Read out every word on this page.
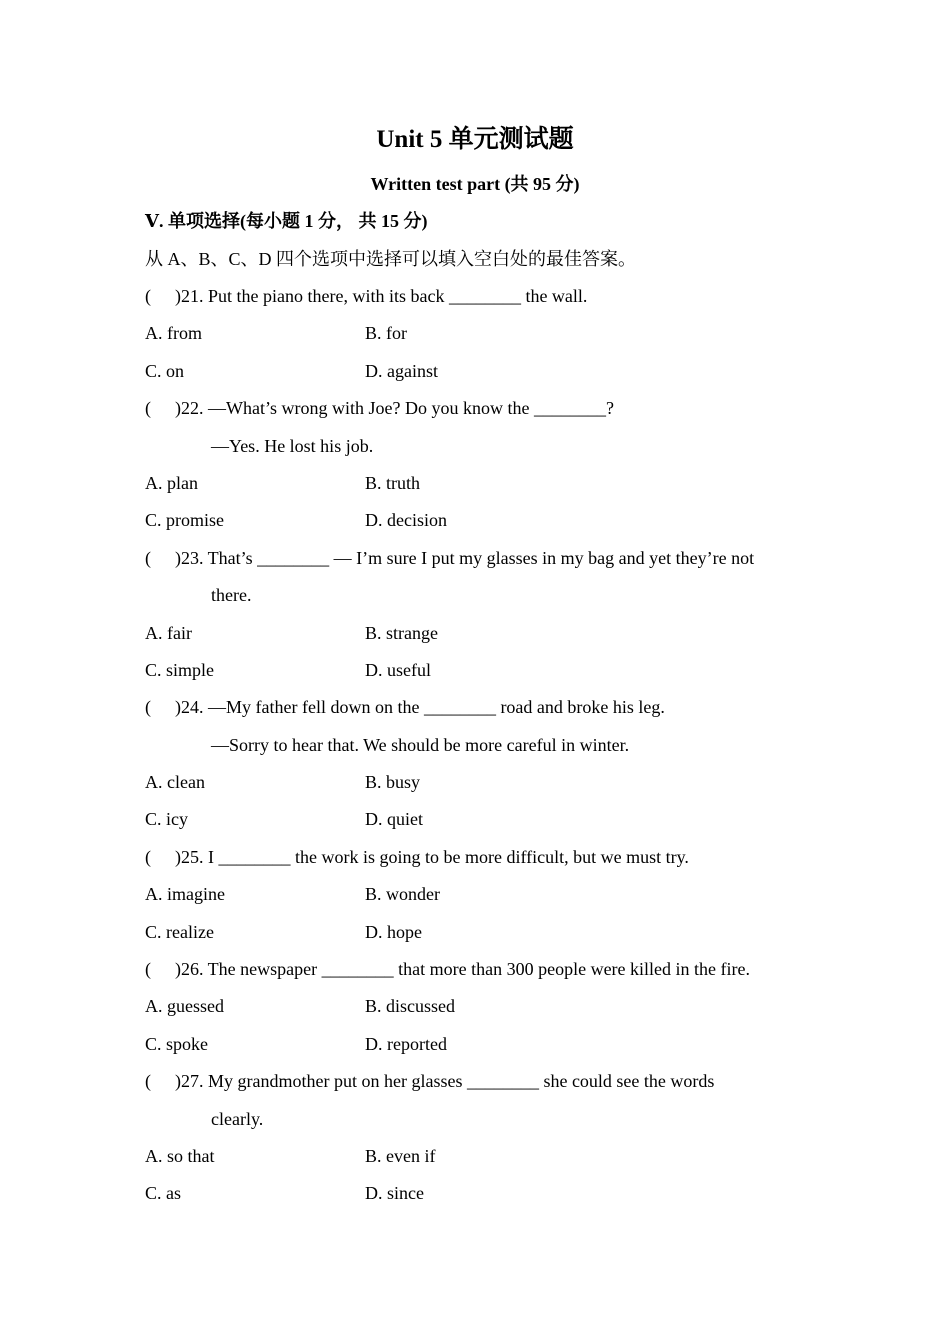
Unit 5 单元测试题
Written test part (共 95 分)
Ⅴ. 单项选择(每小题 1 分， 共 15 分)
从 A、B、C、D 四个选项中选择可以填入空白处的最佳答案。
( )21. Put the piano there, with its back ________ the wall.
A. from	B. for
C. on	D. against
( )22. —What’s wrong with Joe? Do you know the ________?
—Yes. He lost his job.
A. plan	B. truth
C. promise	D. decision
( )23. That’s ________ — I’m sure I put my glasses in my bag and yet they’re not
there.
A. fair	B. strange
C. simple	D. useful
( )24. —My father fell down on the ________ road and broke his leg.
—Sorry to hear that. We should be more careful in winter.
A. clean	B. busy
C. icy	D. quiet
( )25. I ________ the work is going to be more difficult, but we must try.
A. imagine	B. wonder
C. realize	D. hope
( )26. The newspaper ________ that more than 300 people were killed in the fire.
A. guessed	B. discussed
C. spoke	D. reported
( )27. My grandmother put on her glasses ________ she could see the words
clearly.
A. so that	B. even if
C. as	D. since
